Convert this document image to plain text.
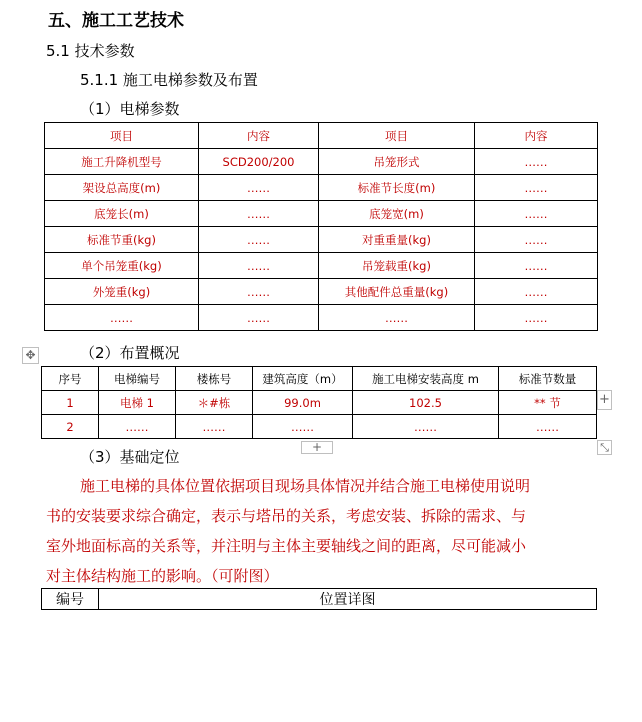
五、施工工艺技术
5.1 技术参数
5.1.1 施工电梯参数及布置
（1）电梯参数
项目	内容	项目	内容
施工升降机型号	SCD200/200	吊笼形式	……
架设总高度(m)	……	标准节长度(m)	……
底笼长(m)	……	底笼宽(m)	……
标准节重(kg)	……	对重重量(kg)	……
单个吊笼重(kg)	……	吊笼载重(kg)	……
外笼重(kg)	……	其他配件总重量(kg)	……
……	……	……	……
✥	（2）布置概况
序号	电梯编号	楼栋号	建筑高度（m）	施工电梯安装高度 m	标准节数量
1	电梯 1	＊#栋	99.0m	102.5	** 节
2	……	……	……	……	……
+
+	⤡
（3）基础定位
施工电梯的具体位置依据项目现场具体情况并结合施工电梯使用说明
书的安装要求综合确定，表示与塔吊的关系，考虑安装、拆除的需求、与
室外地面标高的关系等，并注明与主体主要轴线之间的距离，尽可能减小
对主体结构施工的影响。（可附图）
编号	位置详图
